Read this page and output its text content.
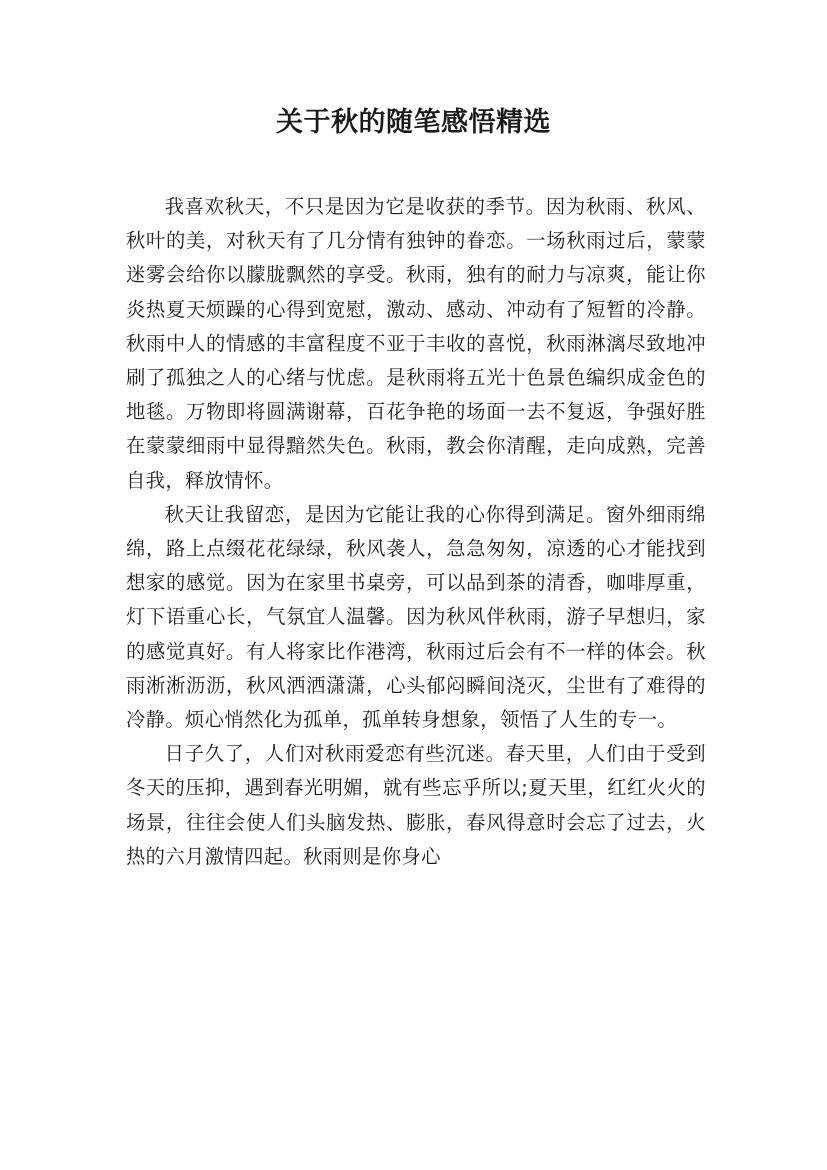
关于秋的随笔感悟精选

我喜欢秋天，不只是因为它是收获的季节。因为秋雨、秋风、秋叶的美，对秋天有了几分情有独钟的眷恋。一场秋雨过后，蒙蒙迷雾会给你以朦胧飘然的享受。秋雨，独有的耐力与凉爽，能让你炎热夏天烦躁的心得到宽慰，激动、感动、冲动有了短暂的冷静。秋雨中人的情感的丰富程度不亚于丰收的喜悦，秋雨淋漓尽致地冲刷了孤独之人的心绪与忧虑。是秋雨将五光十色景色编织成金色的地毯。万物即将圆满谢幕，百花争艳的场面一去不复返，争强好胜在蒙蒙细雨中显得黯然失色。秋雨，教会你清醒，走向成熟，完善自我，释放情怀。

秋天让我留恋，是因为它能让我的心你得到满足。窗外细雨绵绵，路上点缀花花绿绿，秋风袭人，急急匆匆，凉透的心才能找到想家的感觉。因为在家里书桌旁，可以品到茶的清香，咖啡厚重，灯下语重心长，气氛宜人温馨。因为秋风伴秋雨，游子早想归，家的感觉真好。有人将家比作港湾，秋雨过后会有不一样的体会。秋雨淅淅沥沥，秋风洒洒潇潇，心头郁闷瞬间浇灭，尘世有了难得的冷静。烦心悄然化为孤单，孤单转身想象，领悟了人生的专一。

日子久了，人们对秋雨爱恋有些沉迷。春天里，人们由于受到冬天的压抑，遇到春光明媚，就有些忘乎所以;夏天里，红红火火的场景，往往会使人们头脑发热、膨胀，春风得意时会忘了过去，火热的六月激情四起。秋雨则是你身心
